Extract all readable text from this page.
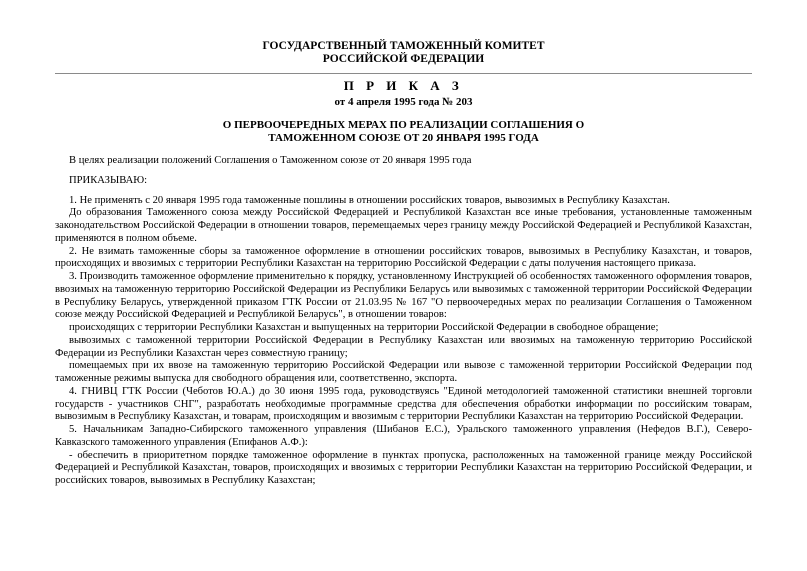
ГОСУДАРСТВЕННЫЙ ТАМОЖЕННЫЙ КОМИТЕТ
РОССИЙСКОЙ ФЕДЕРАЦИИ
П Р И К А З
от 4 апреля 1995 года № 203
О ПЕРВООЧЕРЕДНЫХ МЕРАХ ПО РЕАЛИЗАЦИИ СОГЛАШЕНИЯ О
ТАМОЖЕННОМ СОЮЗЕ ОТ 20 ЯНВАРЯ 1995 ГОДА

В целях реализации положений Соглашения о Таможенном союзе от 20 января 1995 года

ПРИКАЗЫВАЮ:

1. Не применять с 20 января 1995 года таможенные пошлины в отношении российских товаров, вывозимых в Республику Казахстан.

До образования Таможенного союза между Российской Федерацией и Республикой Казахстан все иные требования, установленные таможенным законодательством Российской Федерации в отношении товаров, перемещаемых через границу между Российской Федерацией и Республикой Казахстан, применяются в полном объеме.

2. Не взимать таможенные сборы за таможенное оформление в отношении российских товаров, вывозимых в Республику Казахстан, и товаров, происходящих и ввозимых с территории Республики Казахстан на территорию Российской Федерации с даты получения настоящего приказа.

3. Производить таможенное оформление применительно к порядку, установленному Инструкцией об особенностях таможенного оформления товаров, ввозимых на таможенную территорию Российской Федерации из Республики Беларусь или вывозимых с таможенной территории Российской Федерации в Республику Беларусь, утвержденной приказом ГТК России от 21.03.95 № 167 "О первоочередных мерах по реализации Соглашения о Таможенном союзе между Российской Федерацией и Республикой Беларусь", в отношении товаров:

происходящих с территории Республики Казахстан и выпущенных на территории Российской Федерации в свободное обращение;

вывозимых с таможенной территории Российской Федерации в Республику Казахстан или ввозимых на таможенную территорию Российской Федерации из Республики Казахстан через совместную границу;

помещаемых при их ввозе на таможенную территорию Российской Федерации или вывозе с таможенной территории Российской Федерации под таможенные режимы выпуска для свободного обращения или, соответственно, экспорта.

4. ГНИВЦ ГТК России (Чеботов Ю.А.) до 30 июня 1995 года, руководствуясь "Единой методологией таможенной статистики внешней торговли государств - участников СНГ", разработать необходимые программные средства для обеспечения обработки информации по российским товарам, вывозимым в Республику Казахстан, и товарам, происходящим и ввозимым с территории Республики Казахстан на территорию Российской Федерации.

5. Начальникам Западно-Сибирского таможенного управления (Шибанов Е.С.), Уральского таможенного управления (Нефедов В.Г.), Северо-Кавказского таможенного управления (Епифанов А.Ф.):

- обеспечить в приоритетном порядке таможенное оформление в пунктах пропуска, расположенных на таможенной границе между Российской Федерацией и Республикой Казахстан, товаров, происходящих и ввозимых с территории Республики Казахстан на территорию Российской Федерации, и российских товаров, вывозимых в Республику Казахстан;
